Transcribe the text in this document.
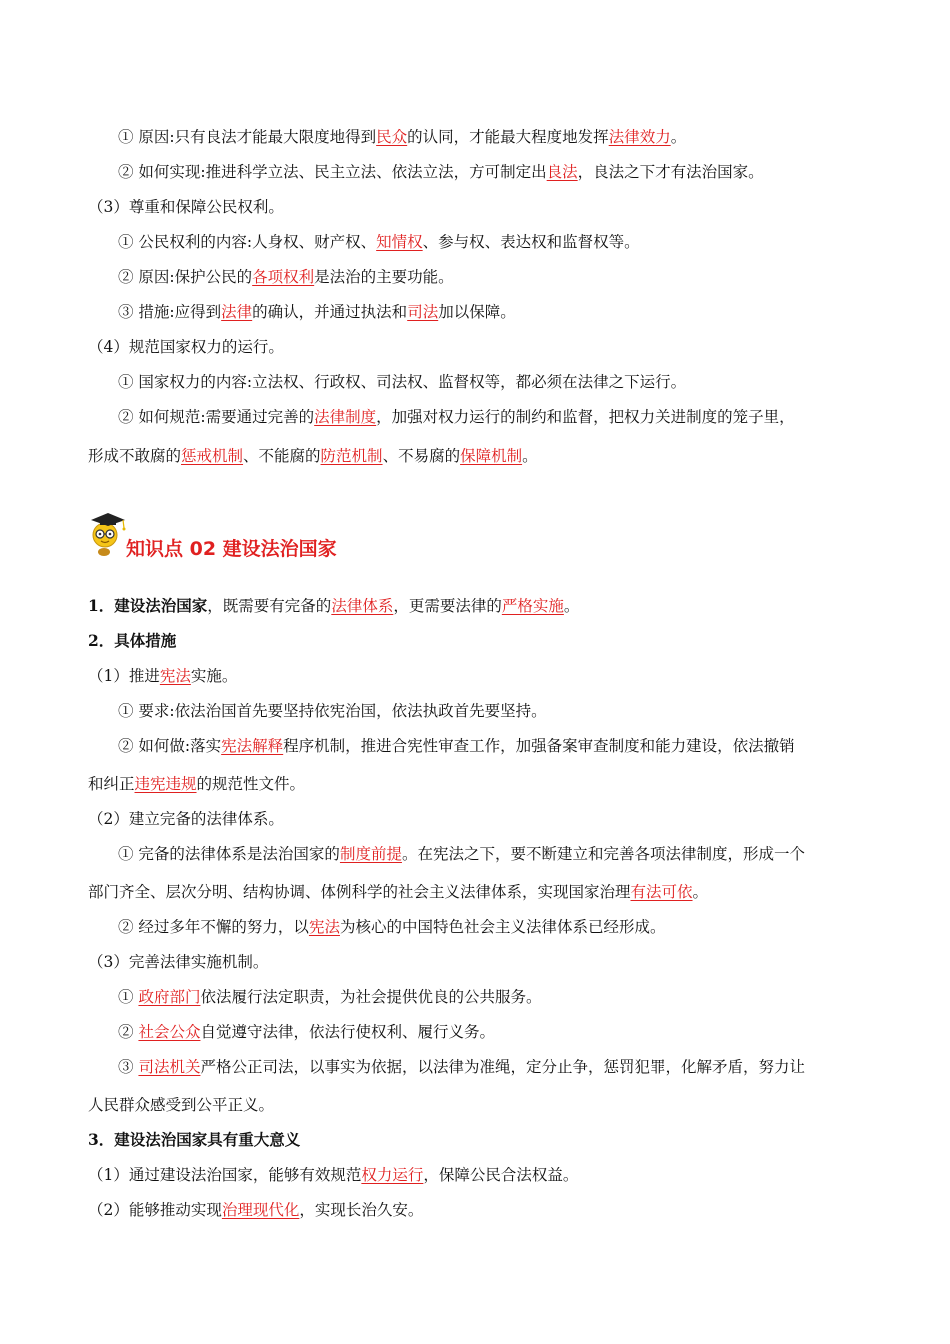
知识点 02 建设法治国家
① 原因:只有良法才能最大限度地得到民众的认同，才能最大程度地发挥法律效力。
② 如何实现:推进科学立法、民主立法、依法立法，方可制定出良法，良法之下才有法治国家。
（3）尊重和保障公民权利。
① 公民权利的内容:人身权、财产权、知情权、参与权、表达权和监督权等。
② 原因:保护公民的各项权利是法治的主要功能。
③ 措施:应得到法律的确认，并通过执法和司法加以保障。
（4）规范国家权力的运行。
① 国家权力的内容:立法权、行政权、司法权、监督权等，都必须在法律之下运行。
② 如何规范:需要通过完善的法律制度，加强对权力运行的制约和监督，把权力关进制度的笼子里，
形成不敢腐的惩戒机制、不能腐的防范机制、不易腐的保障机制。
1．建设法治国家，既需要有完备的法律体系，更需要法律的严格实施。
2．具体措施
（1）推进宪法实施。
① 要求:依法治国首先要坚持依宪治国，依法执政首先要坚持。
② 如何做:落实宪法解释程序机制，推进合宪性审查工作，加强备案审查制度和能力建设，依法撤销
和纠正违宪违规的规范性文件。
（2）建立完备的法律体系。
① 完备的法律体系是法治国家的制度前提。在宪法之下，要不断建立和完善各项法律制度，形成一个
部门齐全、层次分明、结构协调、体例科学的社会主义法律体系，实现国家治理有法可依。
② 经过多年不懈的努力，以宪法为核心的中国特色社会主义法律体系已经形成。
（3）完善法律实施机制。
① 政府部门依法履行法定职责，为社会提供优良的公共服务。
② 社会公众自觉遵守法律，依法行使权利、履行义务。
③ 司法机关严格公正司法，以事实为依据，以法律为准绳，定分止争，惩罚犯罪，化解矛盾，努力让
人民群众感受到公平正义。
3．建设法治国家具有重大意义
（1）通过建设法治国家，能够有效规范权力运行，保障公民合法权益。
（2）能够推动实现治理现代化，实现长治久安。
